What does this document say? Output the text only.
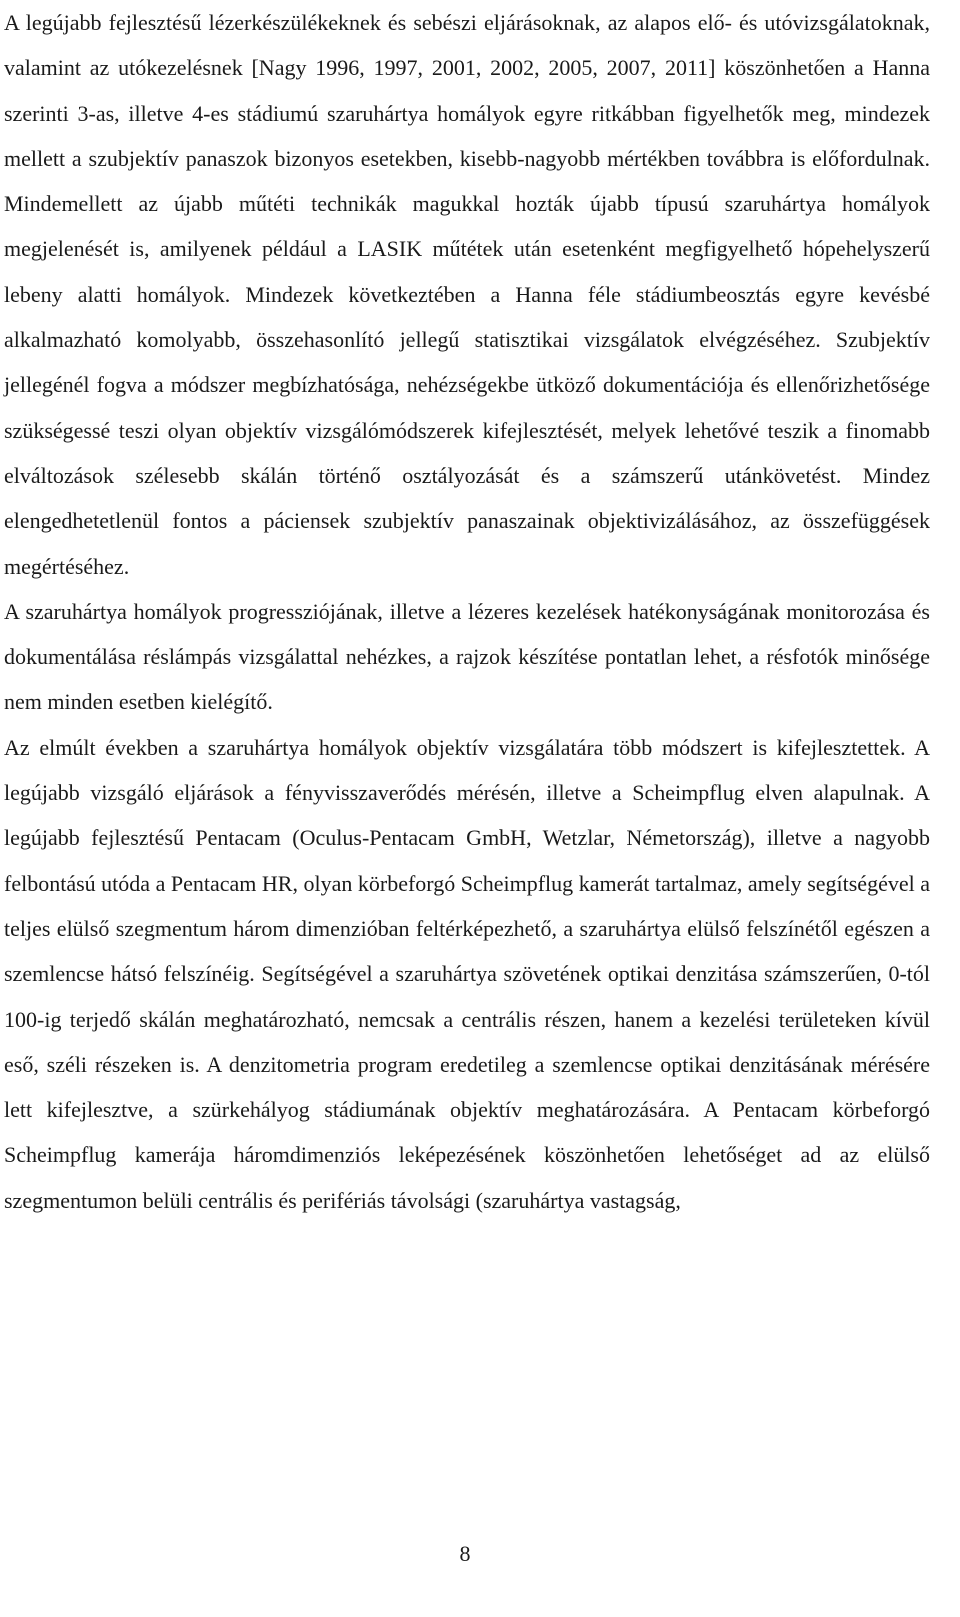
A legújabb fejlesztésű lézerkészülékeknek és sebészi eljárásoknak, az alapos elő- és utóvizsgálatoknak, valamint az utókezelésnek [Nagy 1996, 1997, 2001, 2002, 2005, 2007, 2011] köszönhetően a Hanna szerinti 3-as, illetve 4-es stádiumú szaruhártya homályok egyre ritkábban figyelhetők meg, mindezek mellett a szubjektív panaszok bizonyos esetekben, kisebb-nagyobb mértékben továbbra is előfordulnak. Mindemellett az újabb műtéti technikák magukkal hozták újabb típusú szaruhártya homályok megjelenését is, amilyenek például a LASIK műtétek után esetenként megfigyelhető hópehelyszerű lebeny alatti homályok. Mindezek következtében a Hanna féle stádiumbeosztás egyre kevésbé alkalmazható komolyabb, összehasonlító jellegű statisztikai vizsgálatok elvégzéséhez. Szubjektív jellegénél fogva a módszer megbízhatósága, nehézségekbe ütköző dokumentációja és ellenőrizhetősége szükségessé teszi olyan objektív vizsgálómódszerek kifejlesztését, melyek lehetővé teszik a finomabb elváltozások szélesebb skálán történő osztályozását és a számszerű utánkövetést. Mindez elengedhetetlenül fontos a páciensek szubjektív panaszainak objektivizálásához, az összefüggések megértéséhez.

A szaruhártya homályok progressziójának, illetve a lézeres kezelések hatékonyságának monitorozása és dokumentálása réslámpás vizsgálattal nehézkes, a rajzok készítése pontatlan lehet, a résfotók minősége nem minden esetben kielégítő.

Az elmúlt években a szaruhártya homályok objektív vizsgálatára több módszert is kifejlesztettek. A legújabb vizsgáló eljárások a fényvisszaverődés mérésén, illetve a Scheimpflug elven alapulnak. A legújabb fejlesztésű Pentacam (Oculus-Pentacam GmbH, Wetzlar, Németország), illetve a nagyobb felbontású utóda a Pentacam HR, olyan körbeforgó Scheimpflug kamerát tartalmaz, amely segítségével a teljes elülső szegmentum három dimenzióban feltérképezhető, a szaruhártya elülső felszínétől egészen a szemlencse hátsó felszínéig. Segítségével a szaruhártya szövetének optikai denzitása számszerűen, 0-tól 100-ig terjedő skálán meghatározható, nemcsak a centrális részen, hanem a kezelési területeken kívül eső, széli részeken is. A denzitometria program eredetileg a szemlencse optikai denzitásának mérésére lett kifejlesztve, a szürkehályog stádiumának objektív meghatározására. A Pentacam körbeforgó Scheimpflug kamerája háromdimenziós leképezésének köszönhetően lehetőséget ad az elülső szegmentumon belüli centrális és perifériás távolsági (szaruhártya vastagság,

8
